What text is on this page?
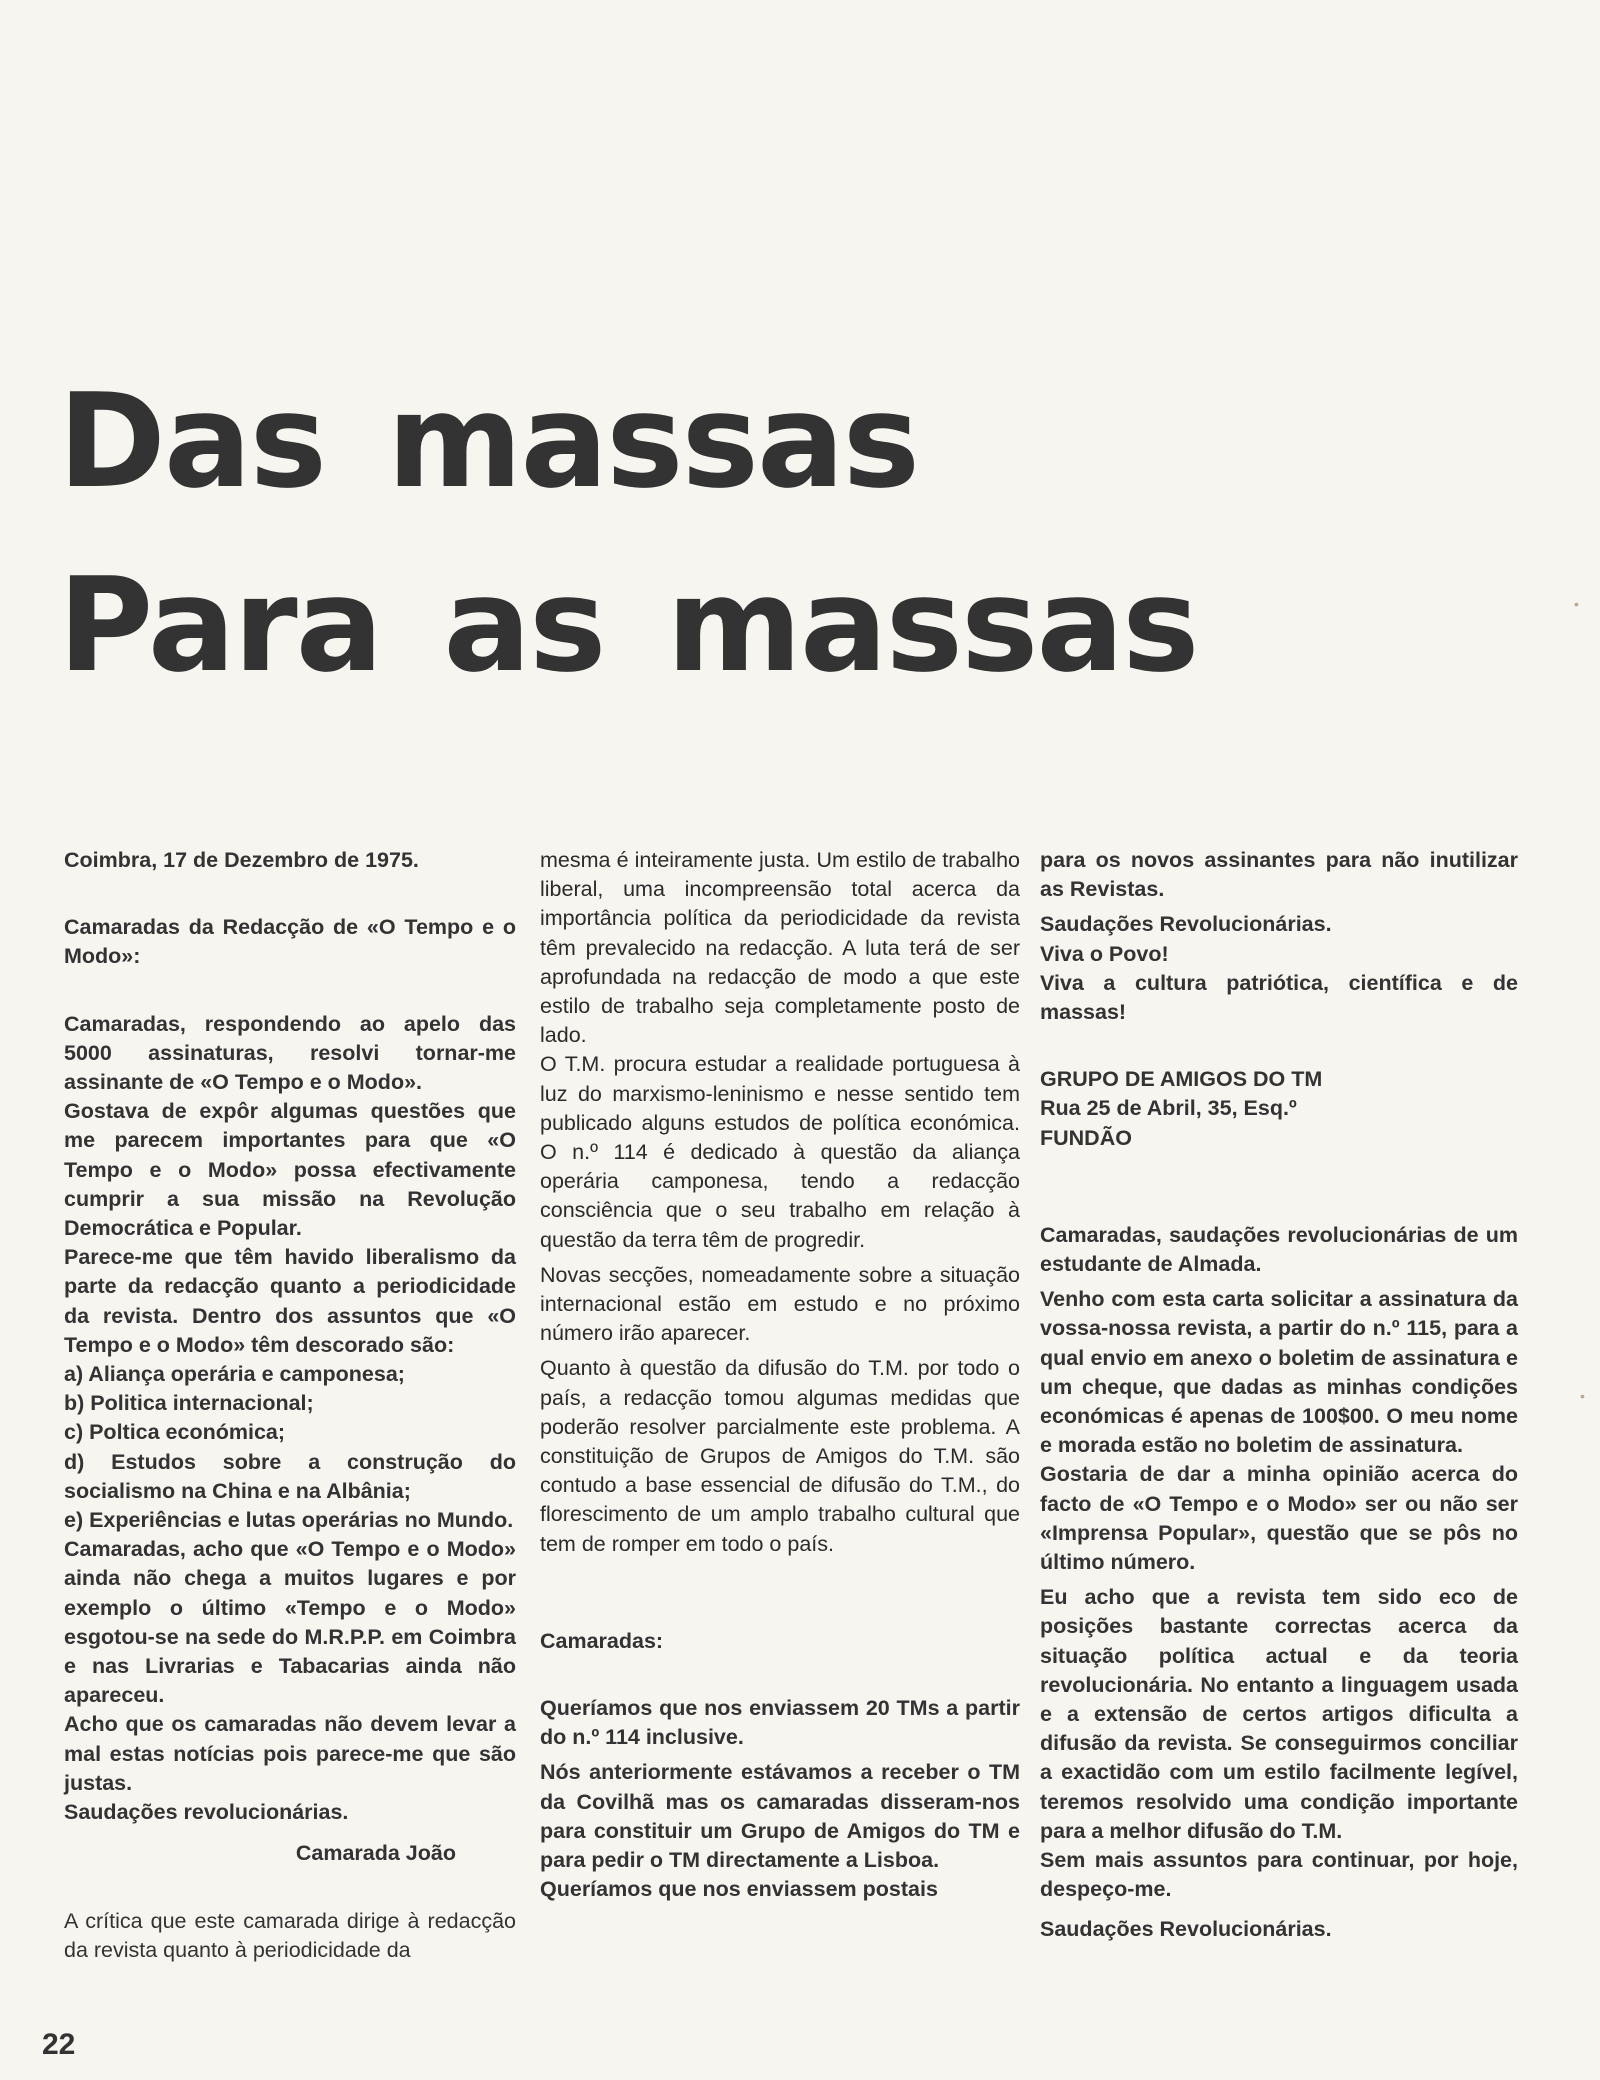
Das massas
Para as massas

Coimbra, 17 de Dezembro de 1975.

Camaradas da Redacção de «O Tempo e o Modo»:

Camaradas, respondendo ao apelo das 5000 assinaturas, resolvi tornar-me assinante de «O Tempo e o Modo».

Gostava de expôr algumas questões que me parecem importantes para que «O Tempo e o Modo» possa efectivamente cumprir a sua missão na Revolução Democrática e Popular.

Parece-me que têm havido liberalismo da parte da redacção quanto a periodicidade da revista. Dentro dos assuntos que «O Tempo e o Modo» têm descorado são:

a) Aliança operária e camponesa;

b) Politica internacional;

c) Poltica económica;

d) Estudos sobre a construção do socialismo na China e na Albânia;

e) Experiências e lutas operárias no Mundo.

Camaradas, acho que «O Tempo e o Modo» ainda não chega a muitos lugares e por exemplo o último «Tempo e o Modo» esgotou-se na sede do M.R.P.P. em Coimbra e nas Livrarias e Tabacarias ainda não apareceu.

Acho que os camaradas não devem levar a mal estas notícias pois parece-me que são justas.

Saudações revolucionárias.

Camarada João

A crítica que este camarada dirige à redacção da revista quanto à periodicidade da

mesma é inteiramente justa. Um estilo de trabalho liberal, uma incompreensão total acerca da importância política da periodicidade da revista têm prevalecido na redacção. A luta terá de ser aprofundada na redacção de modo a que este estilo de trabalho seja completamente posto de lado.

O T.M. procura estudar a realidade portuguesa à luz do marxismo-leninismo e nesse sentido tem publicado alguns estudos de política económica. O n.º 114 é dedicado à questão da aliança operária camponesa, tendo a redacção consciência que o seu trabalho em relação à questão da terra têm de progredir.

Novas secções, nomeadamente sobre a situação internacional estão em estudo e no próximo número irão aparecer.

Quanto à questão da difusão do T.M. por todo o país, a redacção tomou algumas medidas que poderão resolver parcialmente este problema. A constituição de Grupos de Amigos do T.M. são contudo a base essencial de difusão do T.M., do florescimento de um amplo trabalho cultural que tem de romper em todo o país.

Camaradas:

Queríamos que nos enviassem 20 TMs a partir do n.º 114 inclusive.

Nós anteriormente estávamos a receber o TM da Covilhã mas os camaradas disseram-nos para constituir um Grupo de Amigos do TM e para pedir o TM directamente a Lisboa.

Queríamos que nos enviassem postais

para os novos assinantes para não inutilizar as Revistas.

Saudações Revolucionárias.

Viva o Povo!

Viva a cultura patriótica, científica e de massas!

GRUPO DE AMIGOS DO TM

Rua 25 de Abril, 35, Esq.º

FUNDÃO

Camaradas, saudações revolucionárias de um estudante de Almada.

Venho com esta carta solicitar a assinatura da vossa-nossa revista, a partir do n.º 115, para a qual envio em anexo o boletim de assinatura e um cheque, que dadas as minhas condições económicas é apenas de 100$00. O meu nome e morada estão no boletim de assinatura.

Gostaria de dar a minha opinião acerca do facto de «O Tempo e o Modo» ser ou não ser «Imprensa Popular», questão que se pôs no último número.

Eu acho que a revista tem sido eco de posições bastante correctas acerca da situação política actual e da teoria revolucionária. No entanto a linguagem usada e a extensão de certos artigos dificulta a difusão da revista. Se conseguirmos conciliar a exactidão com um estilo facilmente legível, teremos resolvido uma condição importante para a melhor difusão do T.M.

Sem mais assuntos para continuar, por hoje, despeço-me.

Saudações Revolucionárias.

22

•
•
